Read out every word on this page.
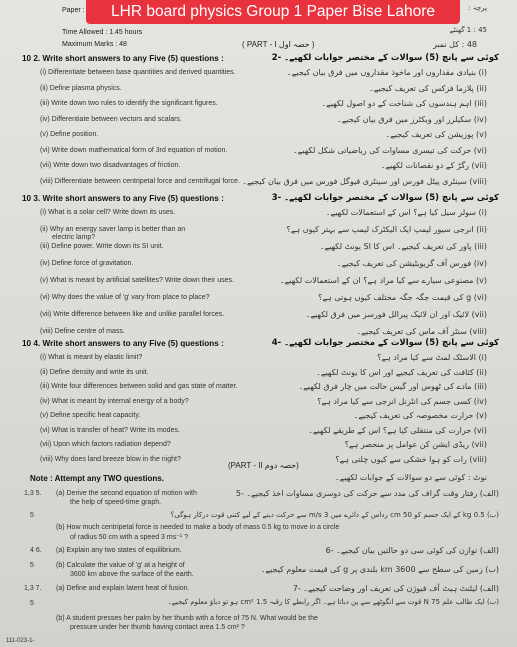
LHR board physics Group 1 Paper Bise Lahore
Paper :
Time Allowed : 1.45 hours
Maximum Marks : 48	( PART - I حصہ اول )	48 : کل نمبر
45 : 1 گھنٹے
پرچہ :
10 2. Write short answers to any Five (5) questions :	کوئی سے پانچ (5) سوالات کے مختصر جوابات لکھیے۔ -2
(i) Differentiate between base quantities and derived quantities.	(i) بنیادی مقداروں اور ماخوذ مقداروں میں فرق بیان کیجیے۔
(ii) Define plasma physics.	(ii) پلازما فزکس کی تعریف کیجیے۔
(iii) Write down two rules to identify the significant figures.	(iii) اہم ہندسوں کی شناخت کے دو اصول لکھیے۔
(iv) Differentiate between vectors and scalars.	(iv) سکیلرز اور ویکٹرز میں فرق بیان کیجیے۔
(v) Define position.	(v) پوزیشن کی تعریف کیجیے۔
(vi) Write down mathematical form of 3rd equation of motion.	(vi) حرکت کی تیسری مساوات کی ریاضیاتی شکل لکھیے۔
(vii) Write down two disadvantages of friction.	(vii) رگڑ کے دو نقصانات لکھیے۔
(viii) Differentiate between centripetal force and centrifugal force. (viii) سینٹری پیٹل فورس اور سینٹری فیوگل فورس میں فرق بیان کیجیے۔
10 3. Write short answers to any Five (5) questions :	کوئی سے پانچ (5) سوالات کے مختصر جوابات لکھیے۔ -3
(i) What is a solar cell? Write down its uses.	(i) سولر سیل کیا ہے؟ اس کے استعمالات لکھیے۔
(ii) Why an energy saver lamp is better than an
electric lamp?
(ii) انرجی سیور لیمپ ایک الیکٹرک لیمپ سے بہتر کیوں ہے؟
(iii) Define power. Write down its SI unit.	(iii) پاور کی تعریف کیجیے۔ اس کا SI یونٹ لکھیے۔
(iv) Define force of gravitation.	(iv) فورس آف گریویٹیشن کی تعریف کیجیے۔
(v) What is meant by artificial satellites? Write down their uses.	(v) مصنوعی سیارے سے کیا مراد ہے؟ ان کے استعمالات لکھیے۔
(vi) Why does the value of 'g' vary from place to place?	(vi) g کی قیمت جگہ جگہ مختلف کیوں ہوتی ہے؟
(vii) Write difference between like and unlike parallel forces.	(vii) لائیک اور ان لائیک پیرالل فورسز میں فرق لکھیے۔
(viii) Define centre of mass.	(viii) سنٹر آف ماس کی تعریف کیجیے۔
10 4. Write short answers to any Five (5) questions :	کوئی سے پانچ (5) سوالات کے مختصر جوابات لکھیے۔ -4
(i) What is meant by elastic limit?	(i) الاسٹک لمٹ سے کیا مراد ہے؟
(ii) Define density and write its unit.	(ii) کثافت کی تعریف کیجیے اور اس کا یونٹ لکھیے۔
(iii) Write four differences between solid and gas state of matter.	(iii) مادے کی ٹھوس اور گیس حالت میں چار فرق لکھیے۔
(iv) What is meant by internal energy of a body?	(iv) کسی جسم کی انٹرنل انرجی سے کیا مراد ہے؟
(v) Define specific heat capacity.	(v) حرارت مخصوصہ کی تعریف کیجیے۔
(vi) What is transfer of heat? Write its modes.	(vi) حرارت کی منتقلی کیا ہے؟ اس کے طریقے لکھیے۔
(vii) Upon which factors radiation depend?	(vii) ریڈی ایشن کن عوامل پر منحصر ہے؟
(viii) Why does land breeze blow in the night?	(viii) رات کو ہوا خشکی سے کیوں چلتی ہے؟
(PART - II حصہ دوم)
Note : Attempt any TWO questions.	نوٹ : کوئی سے دو سوالات کے جوابات لکھیے۔
1,3 5. (a) Derive the second equation of motion with
the help of speed-time graph.
(الف) رفتار وقت گراف کی مدد سے حرکت کی دوسری مساوات اخذ کیجیے۔ -5
5	(ب) 0.5 kg کے ایک جسم کو 50 cm رداس کے دائرے میں 3 m/s سے حرکت دینے کے لیے کتنی قوت درکار ہوگی؟
(b) How much centripetal force is needed to make a body of mass 0.5 kg to move in a circle
of radius 50 cm with a speed 3 ms⁻¹ ?
4 6. (a) Explain any two states of equilibrium.	(الف) توازن کی کوئی سی دو حالتیں بیان کیجیے۔ -6
5	(b) Calculate the value of 'g' at a height of
3600 km above the surface of the earth.
(ب) زمین کی سطح سے 3600 km بلندی پر g کی قیمت معلوم کیجیے۔
1,3 7. (a) Define and explain latent heat of fusion.	(الف) لیٹنٹ ہیٹ آف فیوژن کی تعریف اور وضاحت کیجیے۔ -7
5	(ب) ایک طالب علم 75 N قوت سے انگوٹھے سے پن دباتا ہے۔ اگر رابطے کا رقبہ 1.5 cm² ہو تو دباؤ معلوم کیجیے۔
(b) A student presses her palm by her thumb with a force of 75 N. What would be the
pressure under her thumb having contact area 1.5 cm² ?
111-023-1-
